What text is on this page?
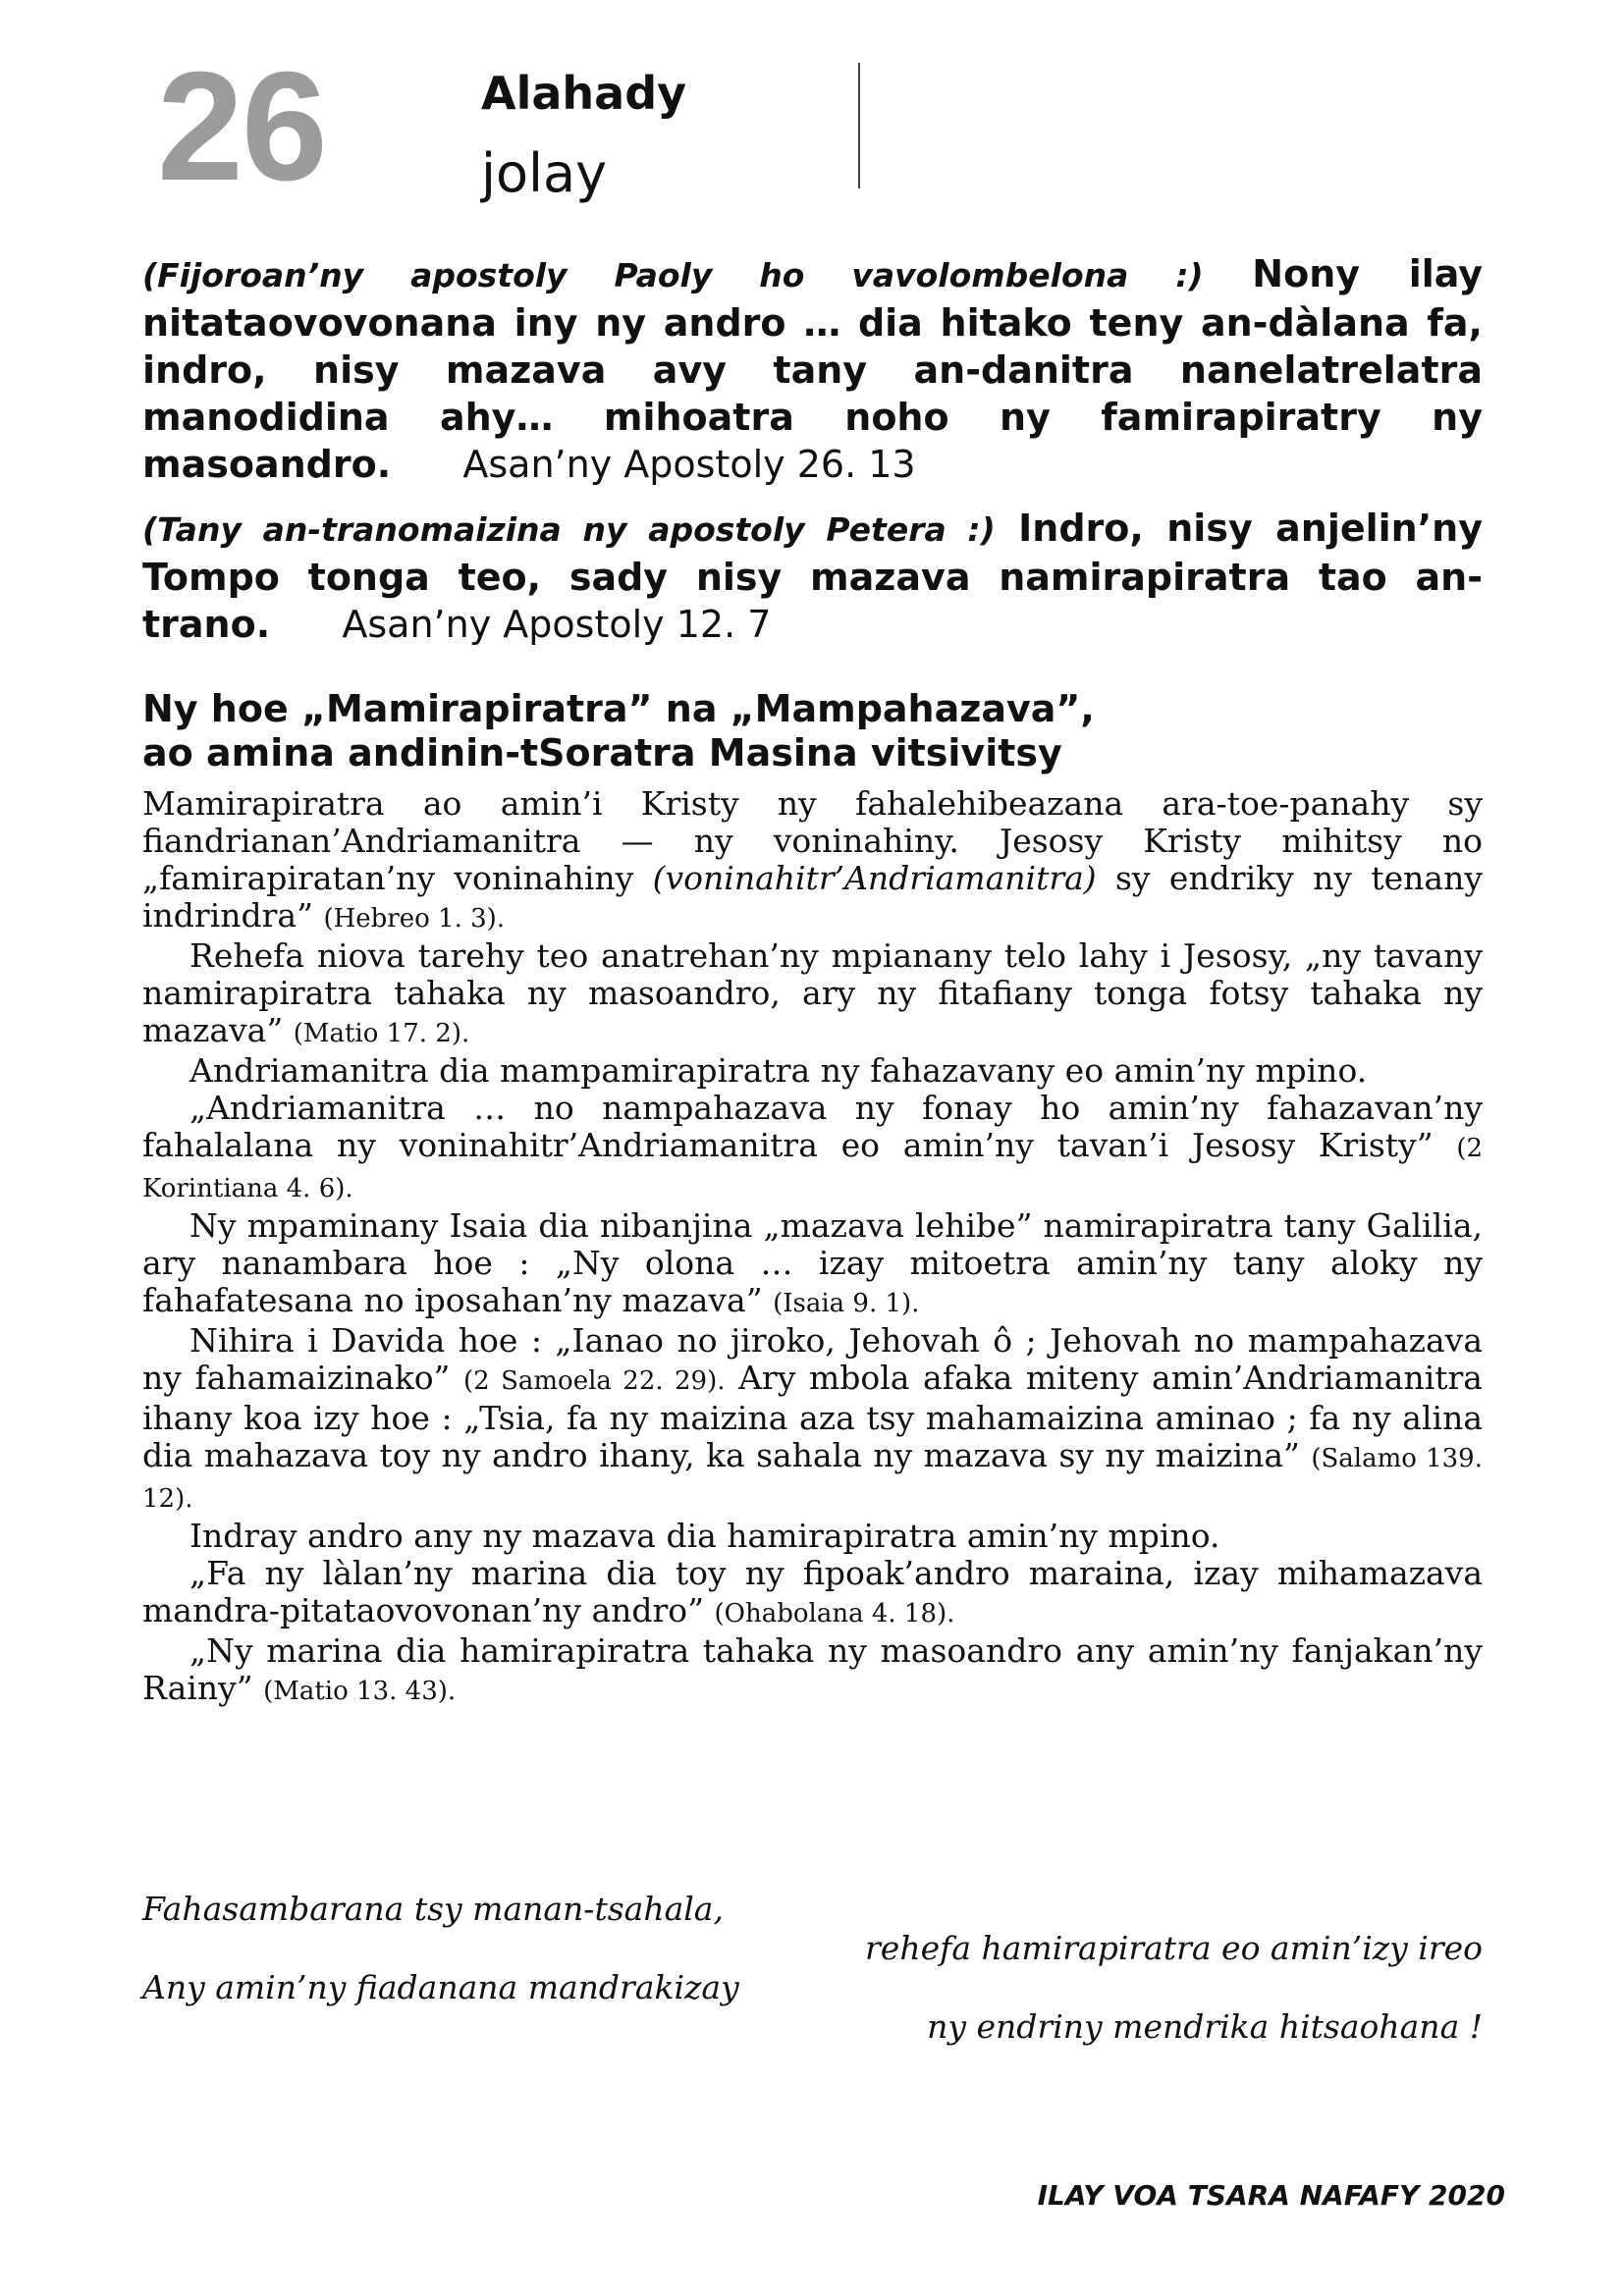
26	Alahady
jolay
(Fijoroan’ny apostoly Paoly ho vavolombelona :) Nony ilay nitataovovonana iny ny andro … dia hitako teny an-dàlana fa, indro, nisy mazava avy tany an-danitra nanelatrelatra manodidina ahy… mihoatra noho ny famirapiratry ny masoandro. Asan’ny Apostoly 26. 13
(Tany an-tranomaizina ny apostoly Petera :) Indro, nisy anjelin’ny Tompo tonga teo, sady nisy mazava namirapiratra tao an-trano. Asan’ny Apostoly 12. 7
Ny hoe „Mamirapiratra” na „Mampahazava”,
ao amina andinin-tSoratra Masina vitsivitsy

Mamirapiratra ao amin’i Kristy ny fahalehibeazana ara-toe-panahy sy fiandrianan’Andriamanitra — ny voninahiny. Jesosy Kristy mihitsy no „famirapiratan’ny voninahiny (voninahitr’Andriamanitra) sy endriky ny tenany indrindra” (Hebreo 1. 3).

Rehefa niova tarehy teo anatrehan’ny mpianany telo lahy i Jesosy, „ny tavany namirapiratra tahaka ny masoandro, ary ny fitafiany tonga fotsy tahaka ny mazava” (Matio 17. 2).

Andriamanitra dia mampamirapiratra ny fahazavany eo amin’ny mpino.

„Andriamanitra … no nampahazava ny fonay ho amin’ny fahazavan’ny fahalalana ny voninahitr’Andriamanitra eo amin’ny tavan’i Jesosy Kristy” (2 Korintiana 4. 6).

Ny mpaminany Isaia dia nibanjina „mazava lehibe” namirapiratra tany Galilia, ary nanambara hoe : „Ny olona … izay mitoetra amin’ny tany aloky ny fahafatesana no iposahan’ny mazava” (Isaia 9. 1).

Nihira i Davida hoe : „Ianao no jiroko, Jehovah ô ; Jehovah no mampahazava ny fahamaizinako” (2 Samoela 22. 29). Ary mbola afaka miteny amin’Andriamanitra ihany koa izy hoe : „Tsia, fa ny maizina aza tsy mahamaizina aminao ; fa ny alina dia mahazava toy ny andro ihany, ka sahala ny mazava sy ny maizina” (Salamo 139. 12).

Indray andro any ny mazava dia hamirapiratra amin’ny mpino.

„Fa ny làlan’ny marina dia toy ny fipoak’andro maraina, izay mihamazava mandra-pitataovovonan’ny andro” (Ohabolana 4. 18).

„Ny marina dia hamirapiratra tahaka ny masoandro any amin’ny fanjakan’ny Rainy” (Matio 13. 43).

Fahasambarana tsy manan-tsahala,
rehefa hamirapiratra eo amin’izy ireo
Any amin’ny fiadanana mandrakizay
ny endriny mendrika hitsaohana !
ILAY VOA TSARA NAFAFY 2020
